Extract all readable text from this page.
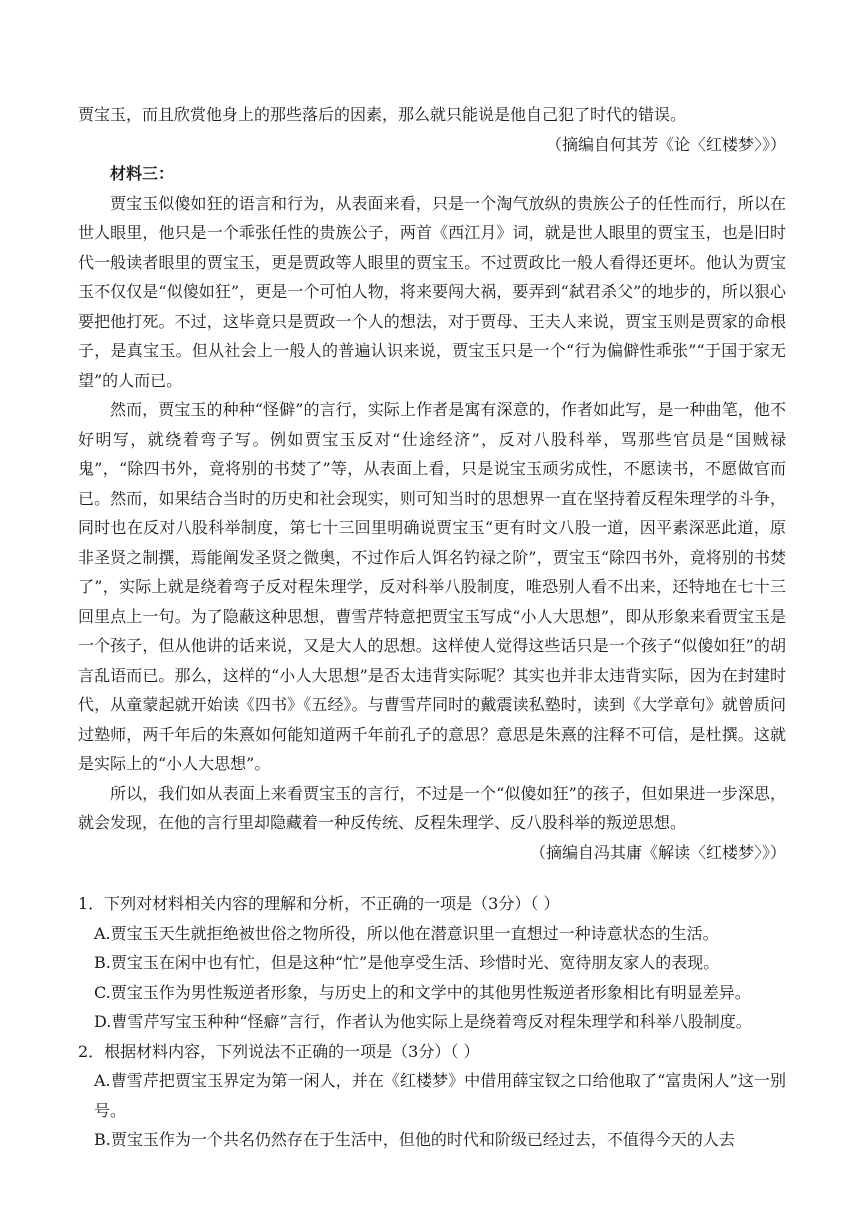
贾宝玉，而且欣赏他身上的那些落后的因素，那么就只能说是他自己犯了时代的错误。

（摘编自何其芳《论〈红楼梦〉》）

材料三：

贾宝玉似傻如狂的语言和行为，从表面来看，只是一个淘气放纵的贵族公子的任性而行，所以在世人眼里，他只是一个乖张任性的贵族公子，两首《西江月》词，就是世人眼里的贾宝玉，也是旧时代一般读者眼里的贾宝玉，更是贾政等人眼里的贾宝玉。不过贾政比一般人看得还更坏。他认为贾宝玉不仅仅是“似傻如狂”，更是一个可怕人物，将来要闯大祸，要弄到“弑君杀父”的地步的，所以狠心要把他打死。不过，这毕竟只是贾政一个人的想法，对于贾母、王夫人来说，贾宝玉则是贾家的命根子，是真宝玉。但从社会上一般人的普遍认识来说，贾宝玉只是一个“行为偏僻性乖张”“于国于家无望”的人而已。

然而，贾宝玉的种种“怪僻”的言行，实际上作者是寓有深意的，作者如此写，是一种曲笔，他不好明写，就绕着弯子写。例如贾宝玉反对“仕途经济”，反对八股科举，骂那些官员是“国贼禄鬼”，“除四书外，竟将别的书焚了”等，从表面上看，只是说宝玉顽劣成性，不愿读书，不愿做官而已。然而，如果结合当时的历史和社会现实，则可知当时的思想界一直在坚持着反程朱理学的斗争，同时也在反对八股科举制度，第七十三回里明确说贾宝玉“更有时文八股一道，因平素深恶此道，原非圣贤之制撰，焉能阐发圣贤之微奥，不过作后人饵名钓禄之阶”，贾宝玉“除四书外，竟将别的书焚了”，实际上就是绕着弯子反对程朱理学，反对科举八股制度，唯恐别人看不出来，还特地在七十三回里点上一句。为了隐蔽这种思想，曹雪芹特意把贾宝玉写成“小人大思想”，即从形象来看贾宝玉是一个孩子，但从他讲的话来说，又是大人的思想。这样使人觉得这些话只是一个孩子“似傻如狂”的胡言乱语而已。那么，这样的“小人大思想”是否太违背实际呢？其实也并非太违背实际，因为在封建时代，从童蒙起就开始读《四书》《五经》。与曹雪芹同时的戴震读私塾时，读到《大学章句》就曾质问过塾师，两千年后的朱熹如何能知道两千年前孔子的意思？意思是朱熹的注释不可信，是杜撰。这就是实际上的“小人大思想”。

所以，我们如从表面上来看贾宝玉的言行，不过是一个“似傻如狂”的孩子，但如果进一步深思，就会发现，在他的言行里却隐藏着一种反传统、反程朱理学、反八股科举的叛逆思想。

（摘编自冯其庸《解读〈红楼梦〉》）

1．下列对材料相关内容的理解和分析，不正确的一项是（3分）（ ）

A.贾宝玉天生就拒绝被世俗之物所役，所以他在潜意识里一直想过一种诗意状态的生活。

B.贾宝玉在闲中也有忙，但是这种“忙”是他享受生活、珍惜时光、宽待朋友家人的表现。

C.贾宝玉作为男性叛逆者形象，与历史上的和文学中的其他男性叛逆者形象相比有明显差异。

D.曹雪芹写宝玉种种“怪癖”言行，作者认为他实际上是绕着弯反对程朱理学和科举八股制度。

2．根据材料内容，下列说法不正确的一项是（3分）（ ）

A.曹雪芹把贾宝玉界定为第一闲人，并在《红楼梦》中借用薛宝钗之口给他取了“富贵闲人”这一别号。

B.贾宝玉作为一个共名仍然存在于生活中，但他的时代和阶级已经过去，不值得今天的人去
